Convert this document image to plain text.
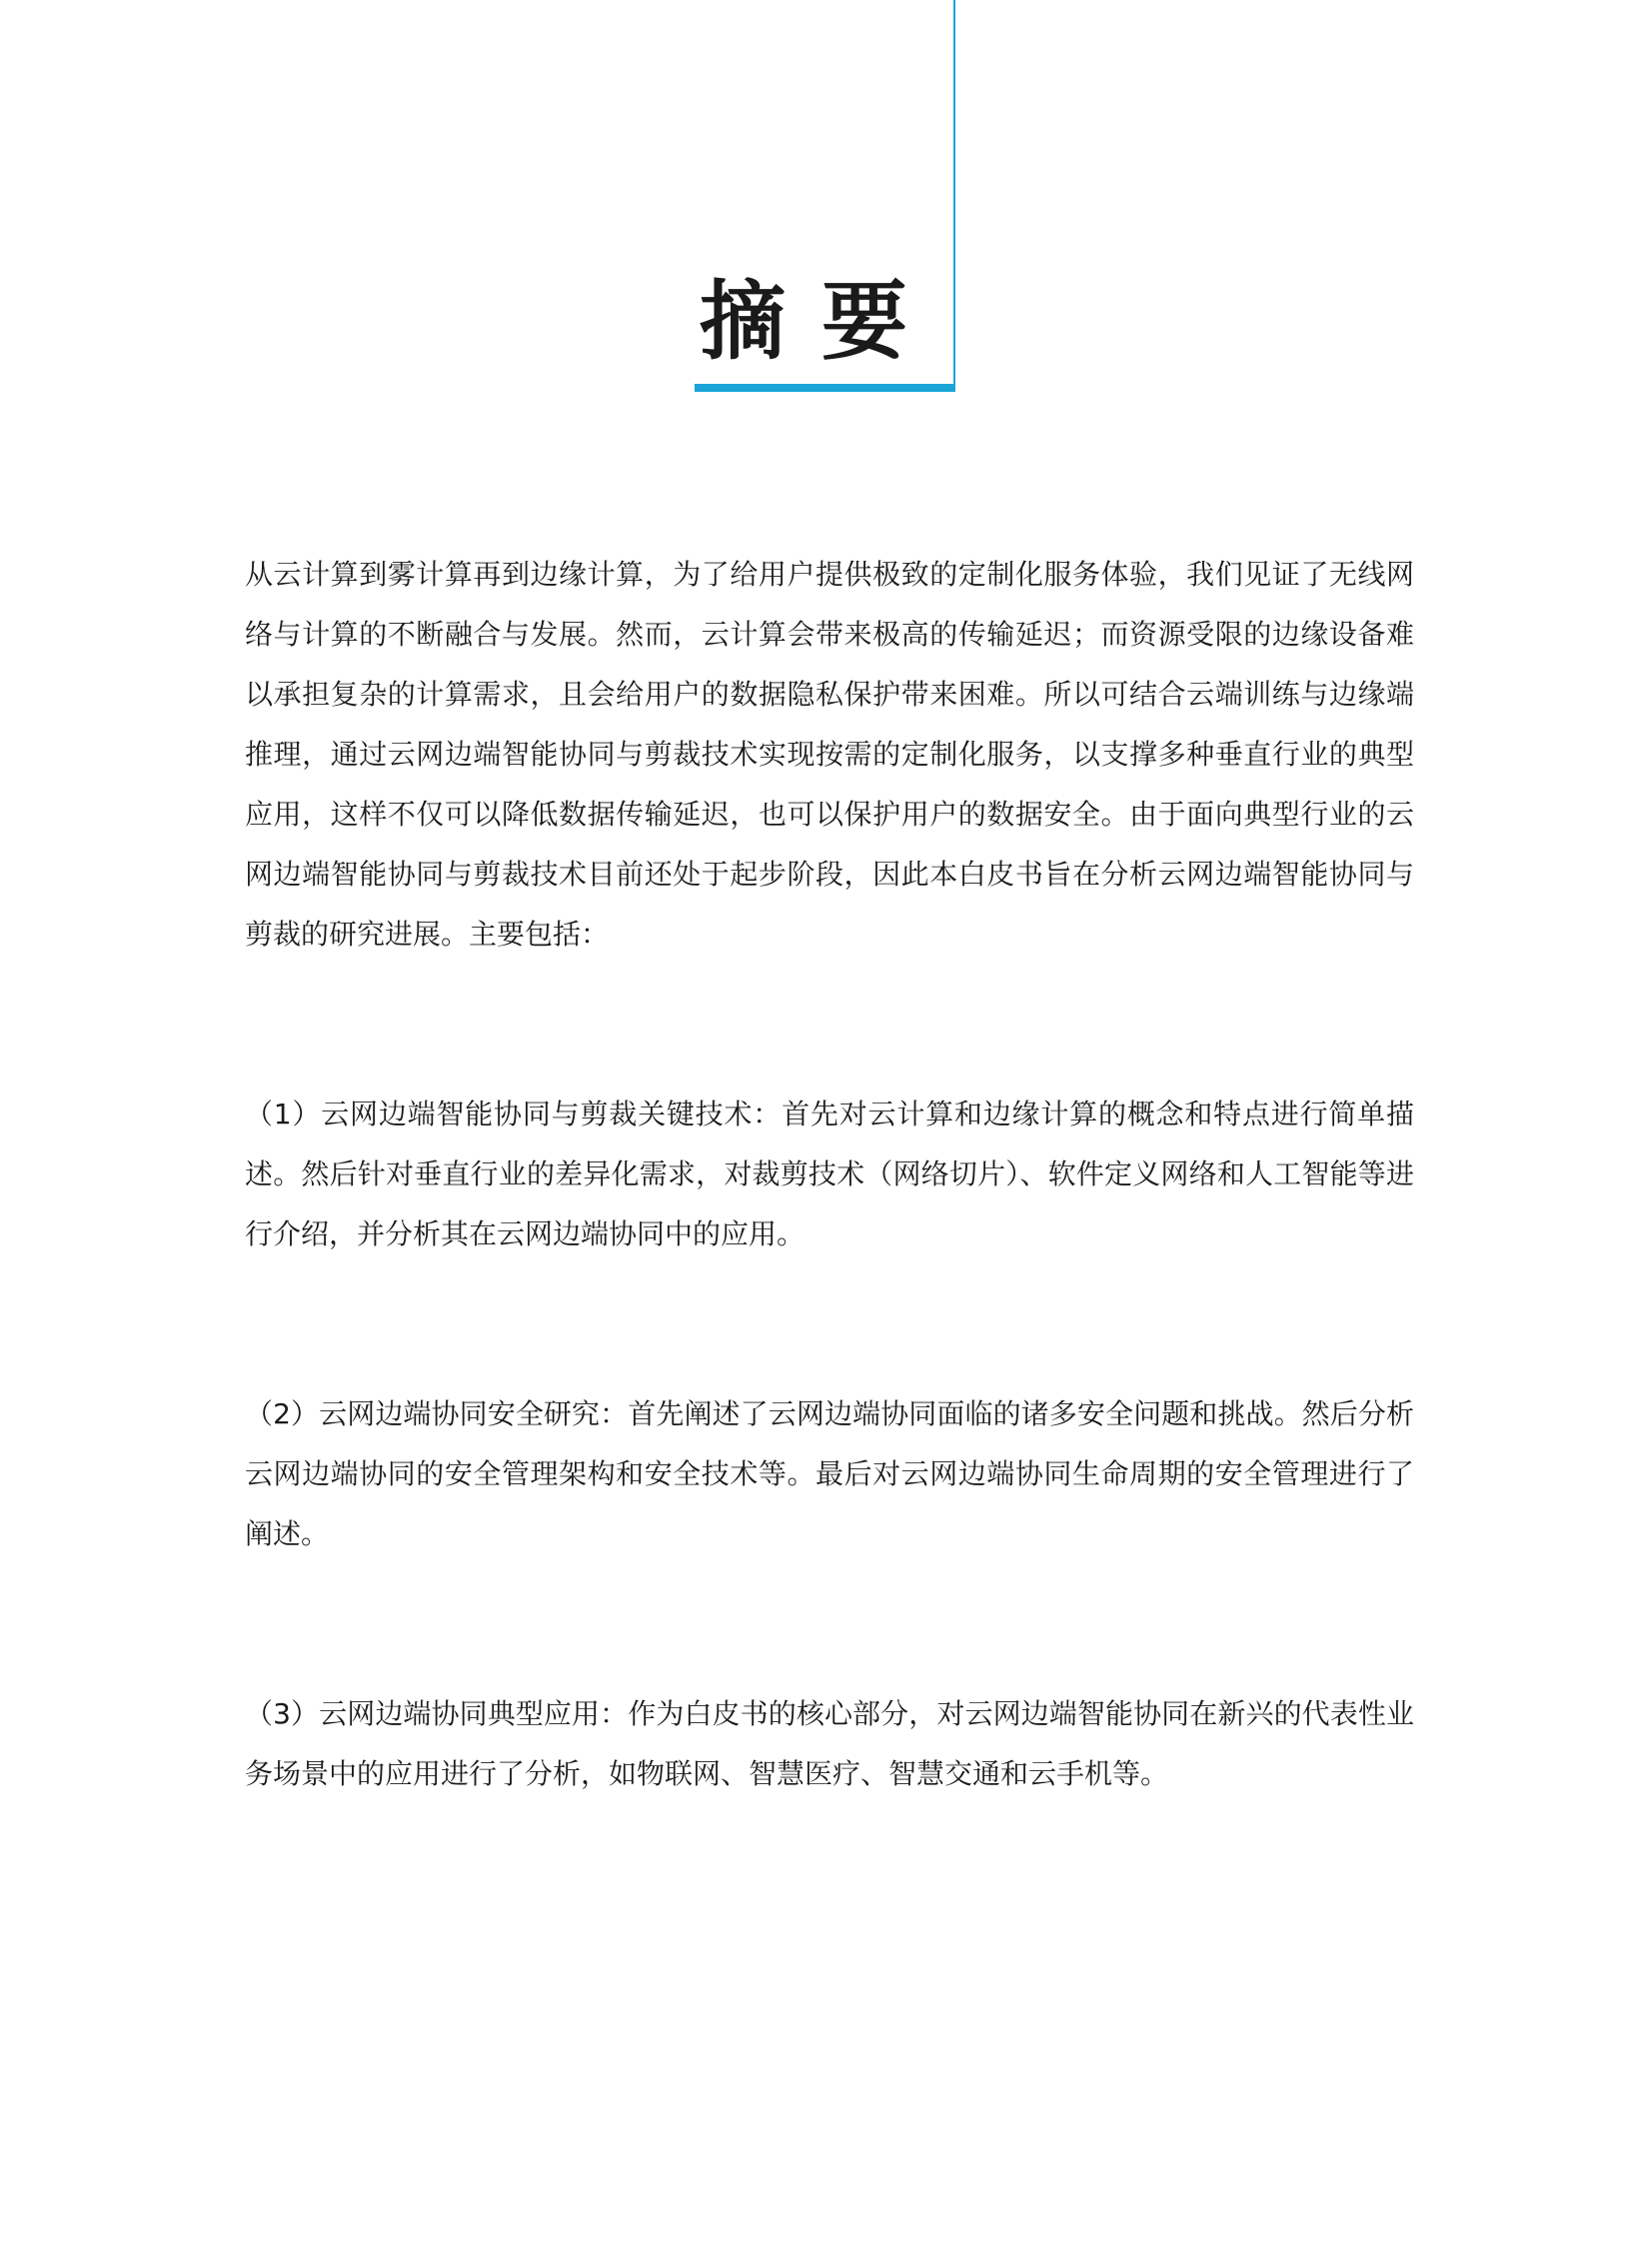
摘要

从云计算到雾计算再到边缘计算，为了给用户提供极致的定制化服务体验，我们见证了无线网络与计算的不断融合与发展。然而，云计算会带来极高的传输延迟；而资源受限的边缘设备难以承担复杂的计算需求，且会给用户的数据隐私保护带来困难。所以可结合云端训练与边缘端推理，通过云网边端智能协同与剪裁技术实现按需的定制化服务，以支撑多种垂直行业的典型应用，这样不仅可以降低数据传输延迟，也可以保护用户的数据安全。由于面向典型行业的云网边端智能协同与剪裁技术目前还处于起步阶段，因此本白皮书旨在分析云网边端智能协同与剪裁的研究进展。主要包括：

（1）云网边端智能协同与剪裁关键技术：首先对云计算和边缘计算的概念和特点进行简单描述。然后针对垂直行业的差异化需求，对裁剪技术（网络切片）、软件定义网络和人工智能等进行介绍，并分析其在云网边端协同中的应用。

（2）云网边端协同安全研究：首先阐述了云网边端协同面临的诸多安全问题和挑战。然后分析云网边端协同的安全管理架构和安全技术等。最后对云网边端协同生命周期的安全管理进行了阐述。

（3）云网边端协同典型应用：作为白皮书的核心部分，对云网边端智能协同在新兴的代表性业务场景中的应用进行了分析，如物联网、智慧医疗、智慧交通和云手机等。
